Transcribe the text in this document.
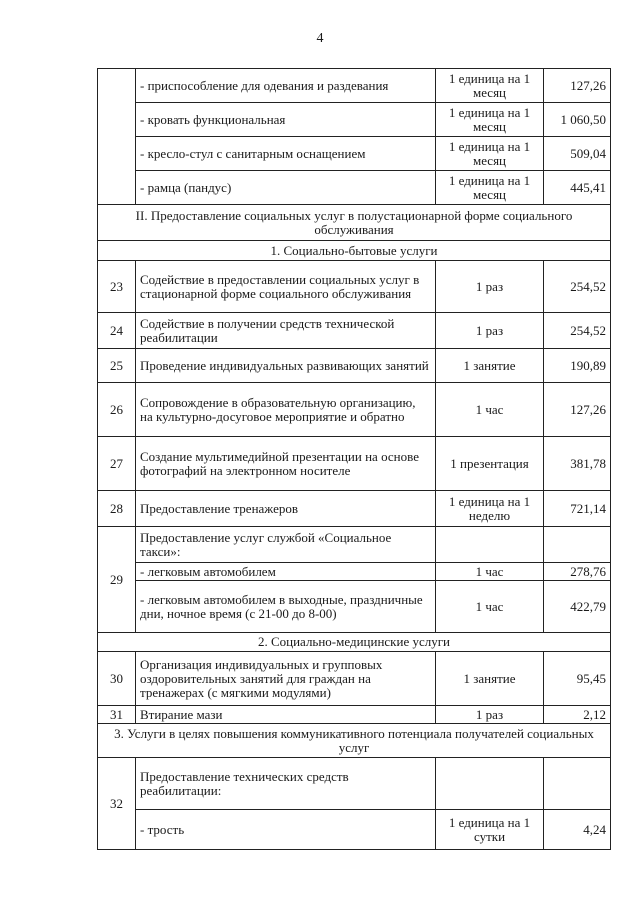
4
	- приспособление для одевания и раздевания	1 единица на 1 месяц	127,26
	- кровать функциональная	1 единица на 1 месяц	1 060,50
	- кресло-стул с санитарным оснащением	1 единица на 1 месяц	509,04
	- рамца (пандус)	1 единица на 1 месяц	445,41
II. Предоставление социальных услуг в полустационарной форме социального обслуживания			
1. Социально-бытовые услуги			
23	Содействие в предоставлении социальных услуг в стационарной форме социального обслуживания	1 раз	254,52
24	Содействие в получении средств технической реабилитации	1 раз	254,52
25	Проведение индивидуальных развивающих занятий	1 занятие	190,89
26	Сопровождение в образовательную организацию, на культурно-досуговое мероприятие и обратно	1 час	127,26
27	Создание мультимедийной презентации на основе фотографий на электронном носителе	1 презентация	381,78
28	Предоставление тренажеров	1 единица на 1 неделю	721,14
29	Предоставление услуг службой «Социальное такси»:		
	- легковым автомобилем	1 час	278,76
	- легковым автомобилем в выходные, праздничные дни, ночное время (с 21-00 до 8-00)	1 час	422,79
2. Социально-медицинские услуги			
30	Организация индивидуальных и групповых оздоровительных занятий для граждан на тренажерах (с мягкими модулями)	1 занятие	95,45
31	Втирание мази	1 раз	2,12
3. Услуги в целях повышения коммуникативного потенциала получателей социальных услуг			
32	Предоставление технических средств реабилитации:		
	- трость	1 единица на 1 сутки	4,24
